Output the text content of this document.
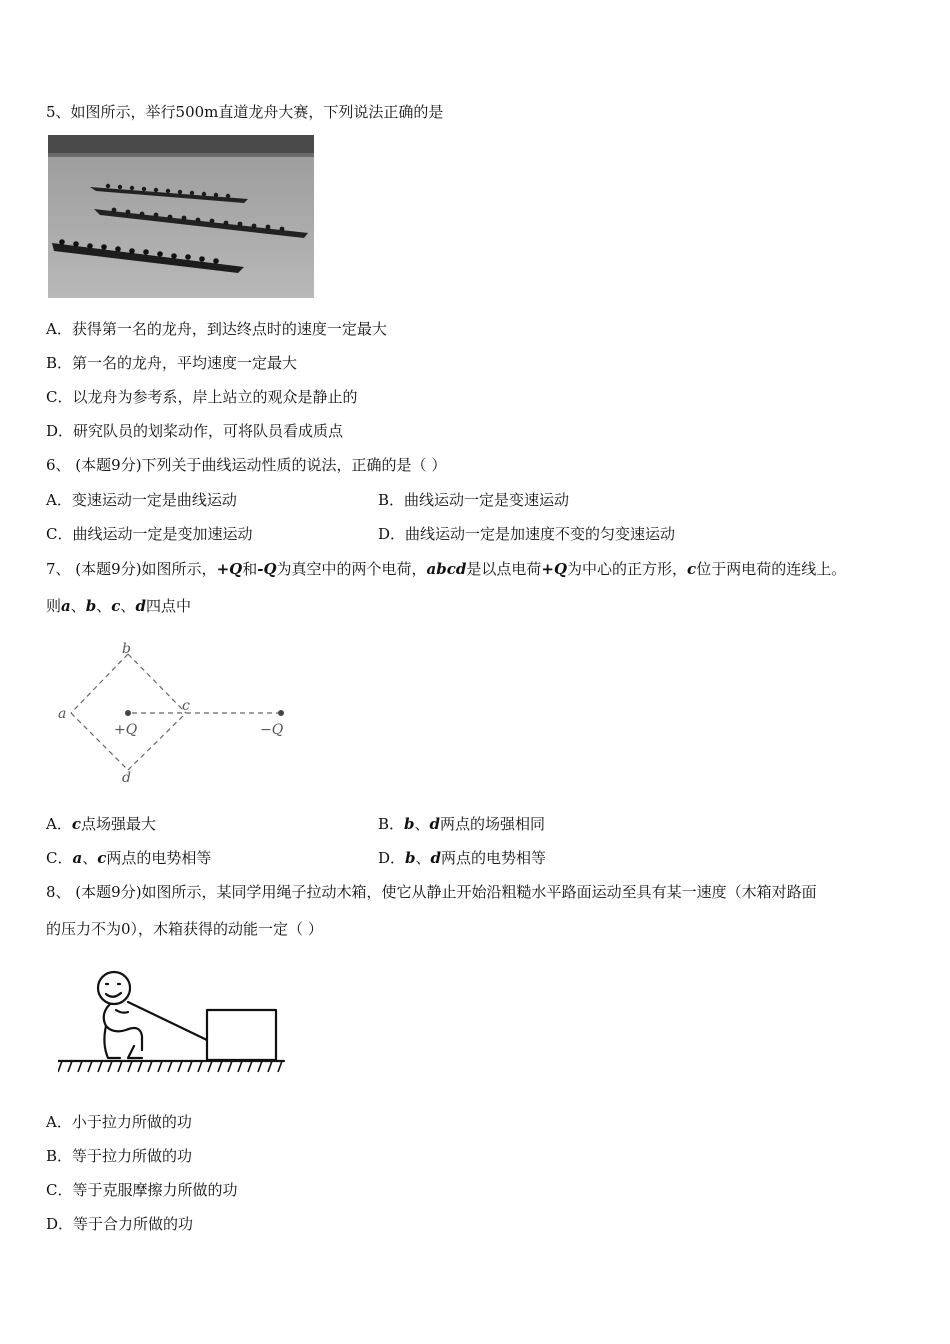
5、如图所示，举行500m直道龙舟大赛，下列说法正确的是
A．获得第一名的龙舟，到达终点时的速度一定最大
B．第一名的龙舟，平均速度一定最大
C．以龙舟为参考系，岸上站立的观众是静止的
D．研究队员的划桨动作，可将队员看成质点
6、 (本题9分)下列关于曲线运动性质的说法，正确的是（ ）
A．变速运动一定是曲线运动	B．曲线运动一定是变速运动
C．曲线运动一定是变加速运动	D．曲线运动一定是加速度不变的匀变速运动
7、 (本题9分)如图所示，+Q和-Q为真空中的两个电荷，abcd是以点电荷+Q为中心的正方形，c位于两电荷的连线上。
则a、b、c、d四点中
b
a	c
d
+Q	−Q
A．c点场强最大	B．b、d两点的场强相同
C．a、c两点的电势相等	D．b、d两点的电势相等
8、 (本题9分)如图所示，某同学用绳子拉动木箱，使它从静止开始沿粗糙水平路面运动至具有某一速度（木箱对路面
的压力不为0），木箱获得的动能一定（ ）
A．小于拉力所做的功
B．等于拉力所做的功
C．等于克服摩擦力所做的功
D．等于合力所做的功
